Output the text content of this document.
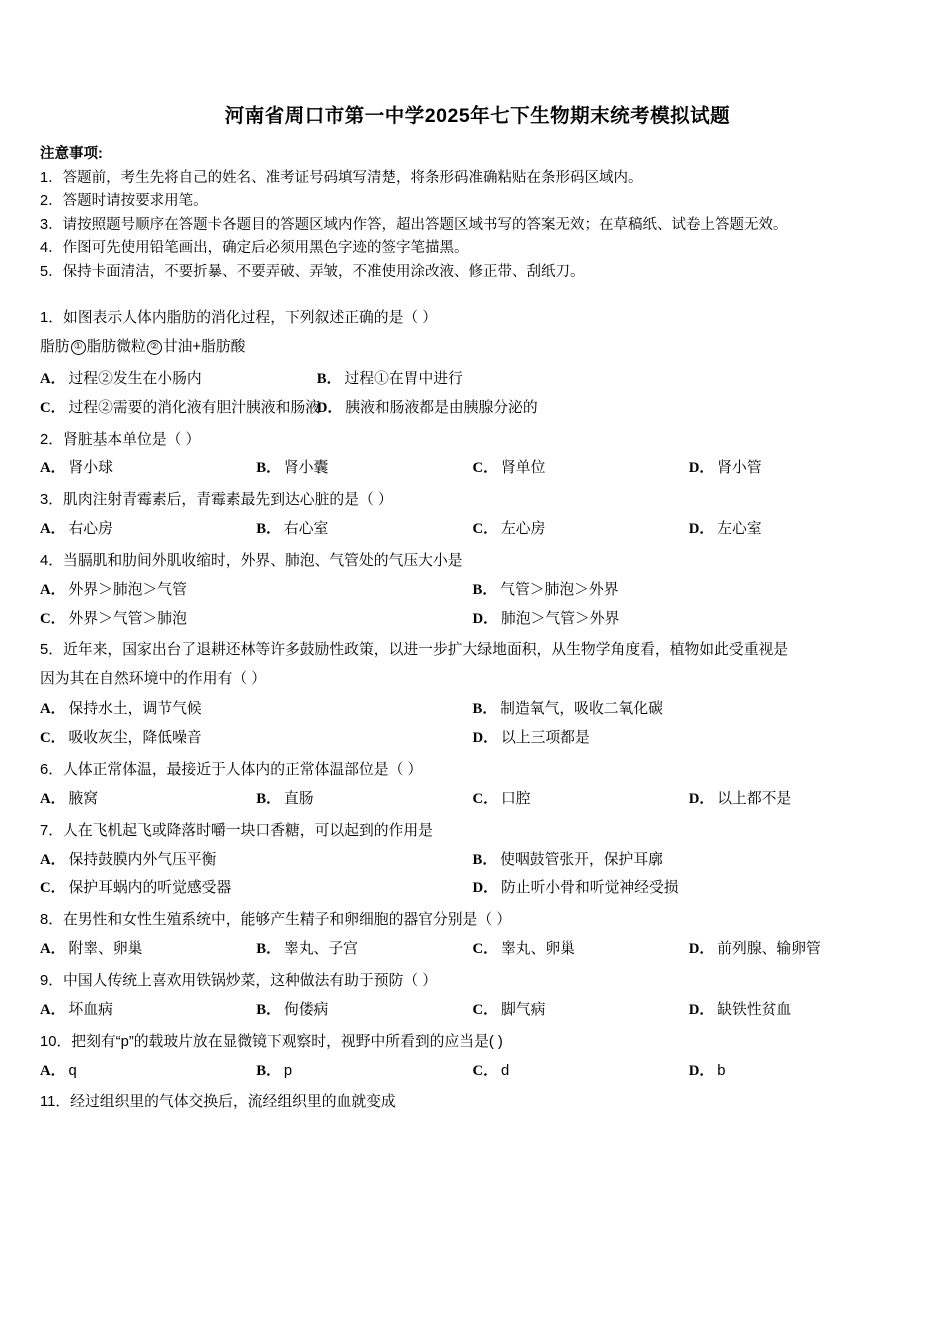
河南省周口市第一中学2025年七下生物期末统考模拟试题
注意事项:

1．答题前，考生先将自己的姓名、准考证号码填写清楚，将条形码准确粘贴在条形码区域内。

2．答题时请按要求用笔。

3．请按照题号顺序在答题卡各题目的答题区域内作答，超出答题区域书写的答案无效；在草稿纸、试卷上答题无效。

4．作图可先使用铅笔画出，确定后必须用黑色字迹的签字笔描黑。

5．保持卡面清洁，不要折暴、不要弄破、弄皱，不准使用涂改液、修正带、刮纸刀。

1．如图表示人体内脂肪的消化过程，下列叙述正确的是（ ）

脂肪 ① 脂肪微粒 ② 甘油+脂肪酸

A． 过程②发生在小肠内	B． 过程①在胃中进行
C． 过程②需要的消化液有胆汁胰液和肠液
D． 胰液和肠液都是由胰腺分泌的

2．肾脏基本单位是（ ）

A． 肾小球	B． 肾小囊	C． 肾单位	D． 肾小管

3．肌肉注射青霉素后，青霉素最先到达心脏的是（ ）

A． 右心房	B． 右心室	C． 左心房	D． 左心室

4．当膈肌和肋间外肌收缩时，外界、肺泡、气管处的气压大小是

A． 外界＞肺泡＞气管	B． 气管＞肺泡＞外界
C． 外界＞气管＞肺泡	D． 肺泡＞气管＞外界

5．近年来，国家出台了退耕还林等许多鼓励性政策，以进一步扩大绿地面积，从生物学角度看，植物如此受重视是

因为其在自然环境中的作用有（ ）

A． 保持水土，调节气候	B． 制造氧气，吸收二氧化碳
C． 吸收灰尘，降低噪音	D． 以上三项都是

6．人体正常体温，最接近于人体内的正常体温部位是（ ）

A． 腋窝	B． 直肠	C． 口腔	D． 以上都不是

7．人在飞机起飞或降落时嚼一块口香糖，可以起到的作用是

A． 保持鼓膜内外气压平衡	B． 使咽鼓管张开，保护耳廓
C． 保护耳蜗内的听觉感受器	D． 防止听小骨和听觉神经受损

8．在男性和女性生殖系统中，能够产生精子和卵细胞的器官分别是（ ）

A． 附睾、卵巢	B． 睾丸、子宫	C． 睾丸、卵巢	D． 前列腺、输卵管

9．中国人传统上喜欢用铁锅炒菜，这种做法有助于预防（ ）

A． 坏血病	B． 佝偻病	C． 脚气病	D． 缺铁性贫血

10．把刻有“p”的载玻片放在显微镜下观察时，视野中所看到的应当是( )

A． q	B． p	C． d	D． b

11．经过组织里的气体交换后，流经组织里的血就变成
